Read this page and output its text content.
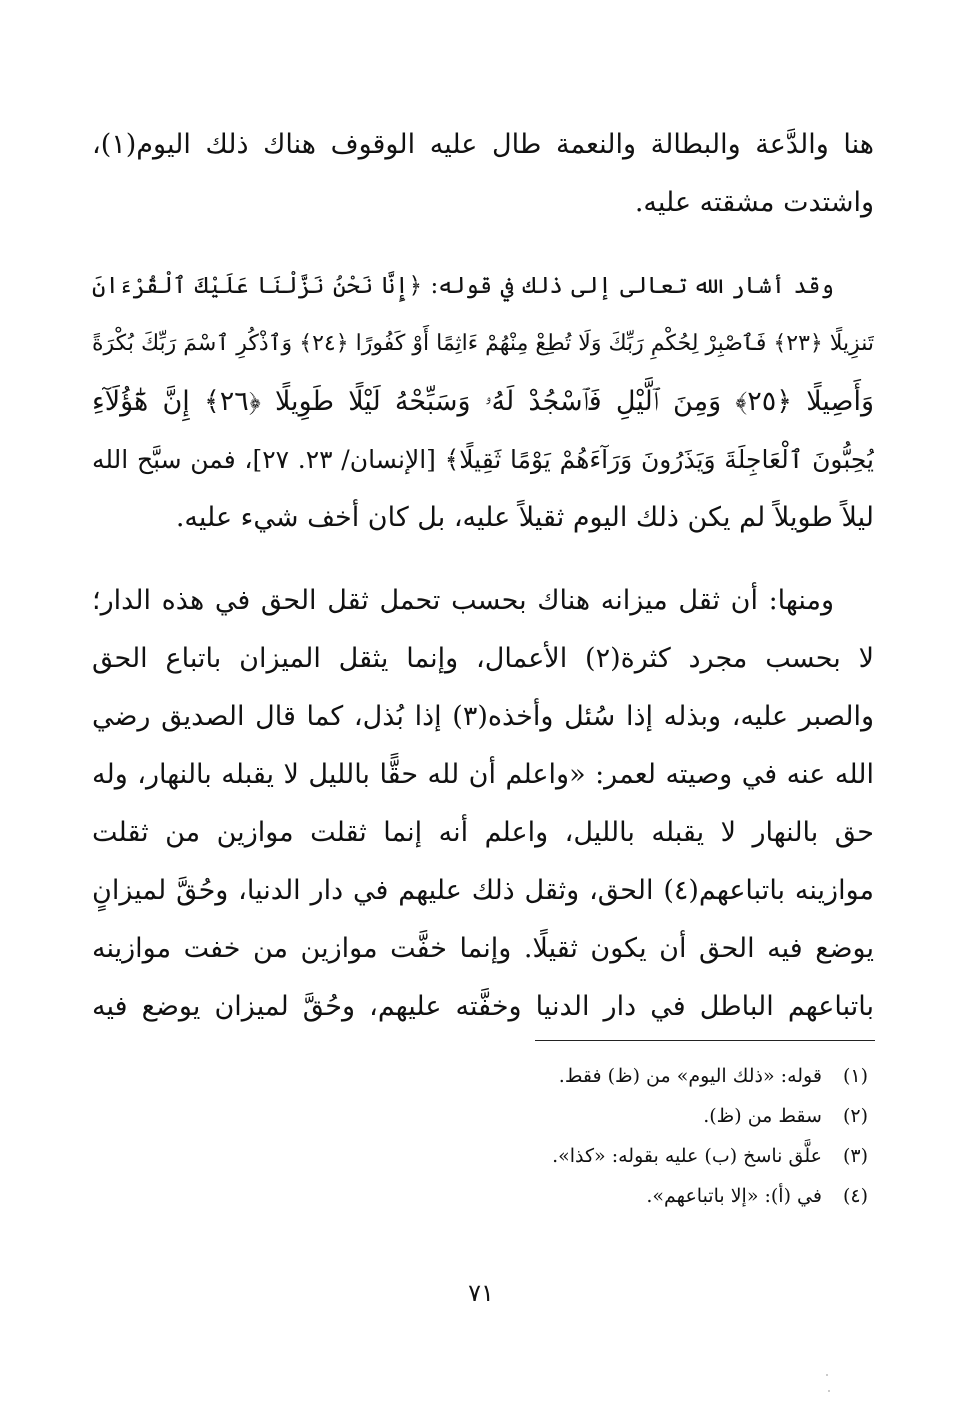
هنا والدَّعة والبطالة والنعمة طال عليه الوقوف هناك ذلك اليوم(١)،
واشتدت مشقته عليه.
وقد أشار الله تعالى إلى ذلك في قوله: ﴿إِنَّا نَحْنُ نَزَّلْنَا عَلَيْكَ ٱلْقُرْءَانَ
تَنزِيلًا ﴿٢٣﴾ فَٱصْبِرْ لِحُكْمِ رَبِّكَ وَلَا تُطِعْ مِنْهُمْ ءَاثِمًا أَوْ كَفُورًا ﴿٢٤﴾ وَٱذْكُرِ ٱسْمَ رَبِّكَ بُكْرَةً
وَأَصِيلًا ﴿٢٥﴾ وَمِنَ ٱلَّيْلِ فَٱسْجُدْ لَهُۥ وَسَبِّحْهُ لَيْلًا طَوِيلًا ﴿٢٦﴾ إِنَّ هَٰٓؤُلَآءِ
يُحِبُّونَ ٱلْعَاجِلَةَ وَيَذَرُونَ وَرَآءَهُمْ يَوْمًا ثَقِيلًا﴾ [الإنسان/ ٢٣. ٢٧]، فمن سبَّح الله
ليلاً طويلاً لم يكن ذلك اليوم ثقيلاً عليه، بل كان أخف شيء عليه.
ومنها: أن ثقل ميزانه هناك بحسب تحمل ثقل الحق في هذه الدار؛
لا بحسب مجرد كثرة(٢) الأعمال، وإنما يثقل الميزان باتباع الحق
والصبر عليه، وبذله إذا سُئل وأخذه(٣) إذا بُذل، كما قال الصديق رضي
الله عنه في وصيته لعمر: «واعلم أن لله حقًّا بالليل لا يقبله بالنهار، وله
حق بالنهار لا يقبله بالليل، واعلم أنه إنما ثقلت موازين من ثقلت
موازينه باتباعهم(٤) الحق، وثقل ذلك عليهم في دار الدنيا، وحُقَّ لميزانٍ
يوضع فيه الحق أن يكون ثقيلًا. وإنما خفَّت موازين من خفت موازينه
باتباعهم الباطل في دار الدنيا وخفَّته عليهم، وحُقَّ لميزان يوضع فيه
(١) قوله: «ذلك اليوم» من (ظ) فقط.
(٢) سقط من (ظ).
(٣) علَّق ناسخ (ب) عليه بقوله: «كذا».
(٤) في (أ): «إلا باتباعهم».
٧١
